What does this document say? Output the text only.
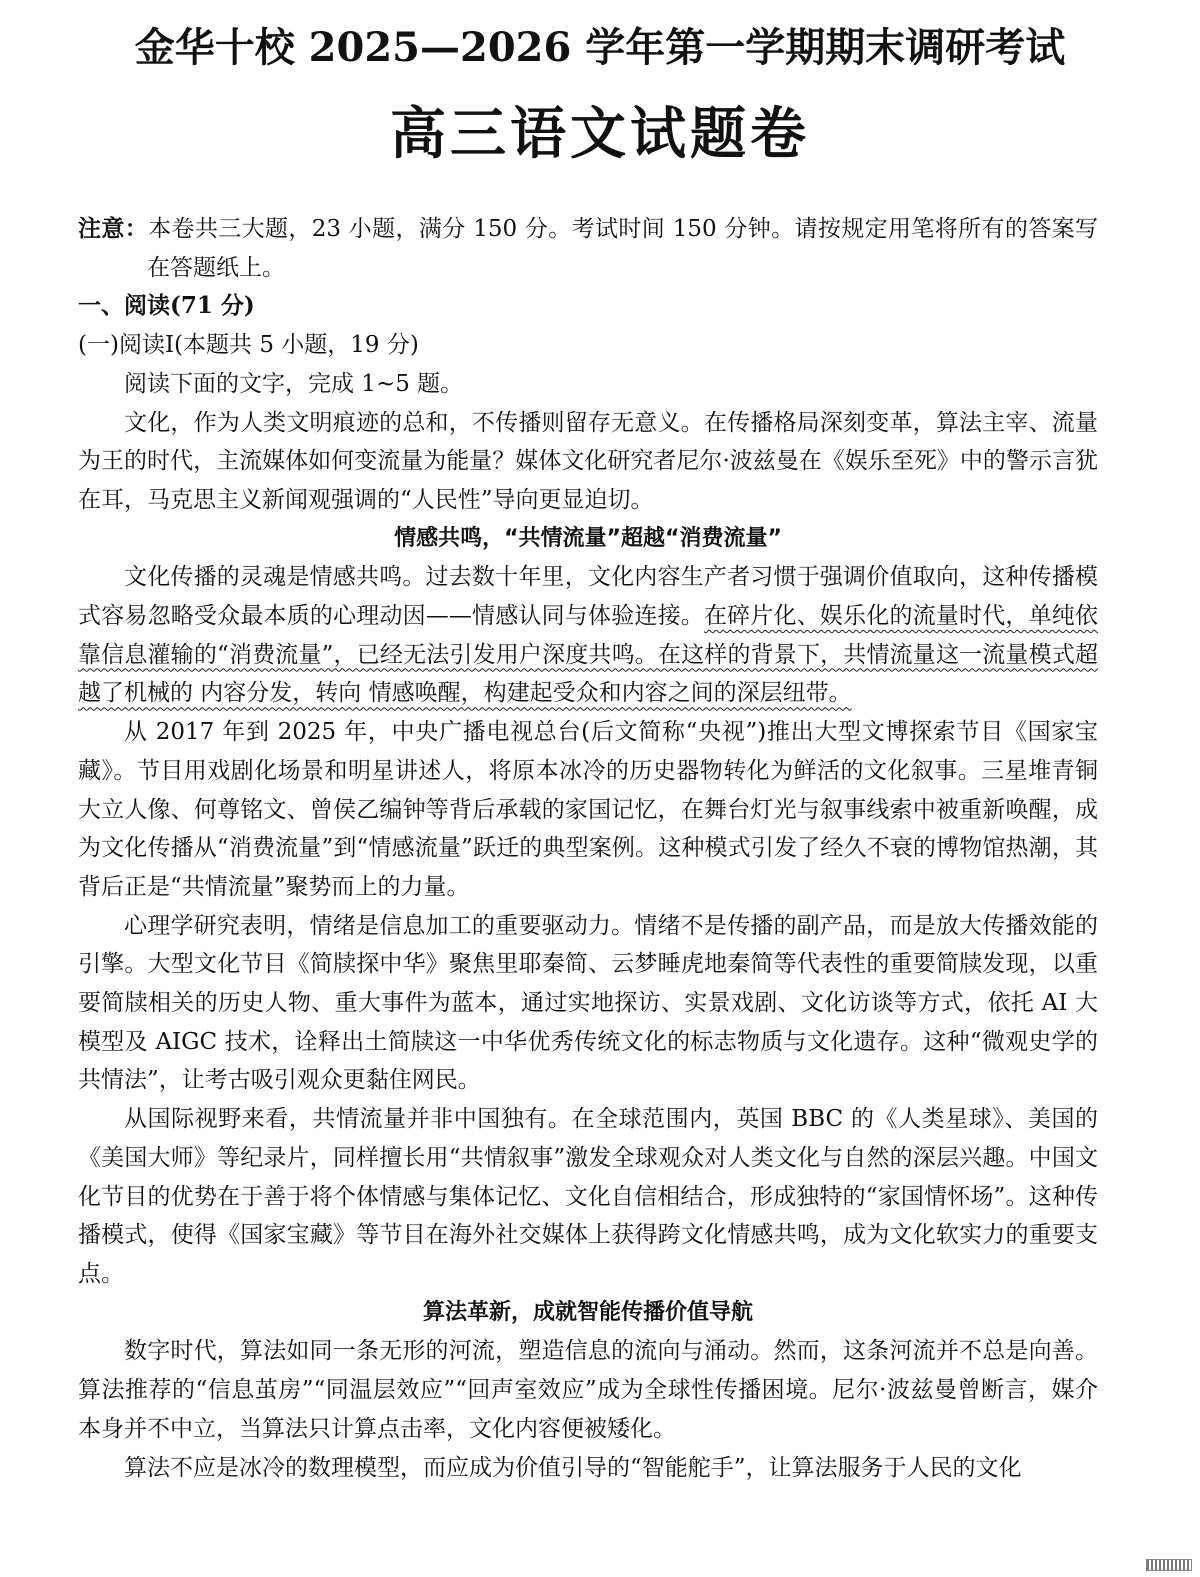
金华十校 2025—2026 学年第一学期期末调研考试
高三语文试题卷

注意：本卷共三大题，23 小题，满分 150 分。考试时间 150 分钟。请按规定用笔将所有的答案写在答题纸上。

一、阅读(71 分)

(一)阅读Ⅰ(本题共 5 小题，19 分)

阅读下面的文字，完成 1~5 题。

文化，作为人类文明痕迹的总和，不传播则留存无意义。在传播格局深刻变革，算法主宰、流量为王的时代，主流媒体如何变流量为能量？媒体文化研究者尼尔·波兹曼在《娱乐至死》中的警示言犹在耳，马克思主义新闻观强调的“人民性”导向更显迫切。

情感共鸣，“共情流量”超越“消费流量”

文化传播的灵魂是情感共鸣。过去数十年里，文化内容生产者习惯于强调价值取向，这种传播模式容易忽略受众最本质的心理动因——情感认同与体验连接。在碎片化、娱乐化的流量时代，单纯依靠信息灌输的“消费流量”，已经无法引发用户深度共鸣。在这样的背景下，共情流量这一流量模式超越了机械的 内容分发，转向 情感唤醒，构建起受众和内容之间的深层纽带。

从 2017 年到 2025 年，中央广播电视总台(后文简称“央视”)推出大型文博探索节目《国家宝藏》。节目用戏剧化场景和明星讲述人，将原本冰冷的历史器物转化为鲜活的文化叙事。三星堆青铜大立人像、何尊铭文、曾侯乙编钟等背后承载的家国记忆，在舞台灯光与叙事线索中被重新唤醒，成为文化传播从“消费流量”到“情感流量”跃迁的典型案例。这种模式引发了经久不衰的博物馆热潮，其背后正是“共情流量”聚势而上的力量。

心理学研究表明，情绪是信息加工的重要驱动力。情绪不是传播的副产品，而是放大传播效能的引擎。大型文化节目《简牍探中华》聚焦里耶秦简、云梦睡虎地秦简等代表性的重要简牍发现，以重要简牍相关的历史人物、重大事件为蓝本，通过实地探访、实景戏剧、文化访谈等方式，依托 AI 大模型及 AIGC 技术，诠释出土简牍这一中华优秀传统文化的标志物质与文化遗存。这种“微观史学的共情法”，让考古吸引观众更黏住网民。

从国际视野来看，共情流量并非中国独有。在全球范围内，英国 BBC 的《人类星球》、美国的《美国大师》等纪录片，同样擅长用“共情叙事”激发全球观众对人类文化与自然的深层兴趣。中国文化节目的优势在于善于将个体情感与集体记忆、文化自信相结合，形成独特的“家国情怀场”。这种传播模式，使得《国家宝藏》等节目在海外社交媒体上获得跨文化情感共鸣，成为文化软实力的重要支点。

算法革新，成就智能传播价值导航

数字时代，算法如同一条无形的河流，塑造信息的流向与涌动。然而，这条河流并不总是向善。算法推荐的“信息茧房”“同温层效应”“回声室效应”成为全球性传播困境。尼尔·波兹曼曾断言，媒介本身并不中立，当算法只计算点击率，文化内容便被矮化。

算法不应是冰冷的数理模型，而应成为价值引导的“智能舵手”，让算法服务于人民的文化
